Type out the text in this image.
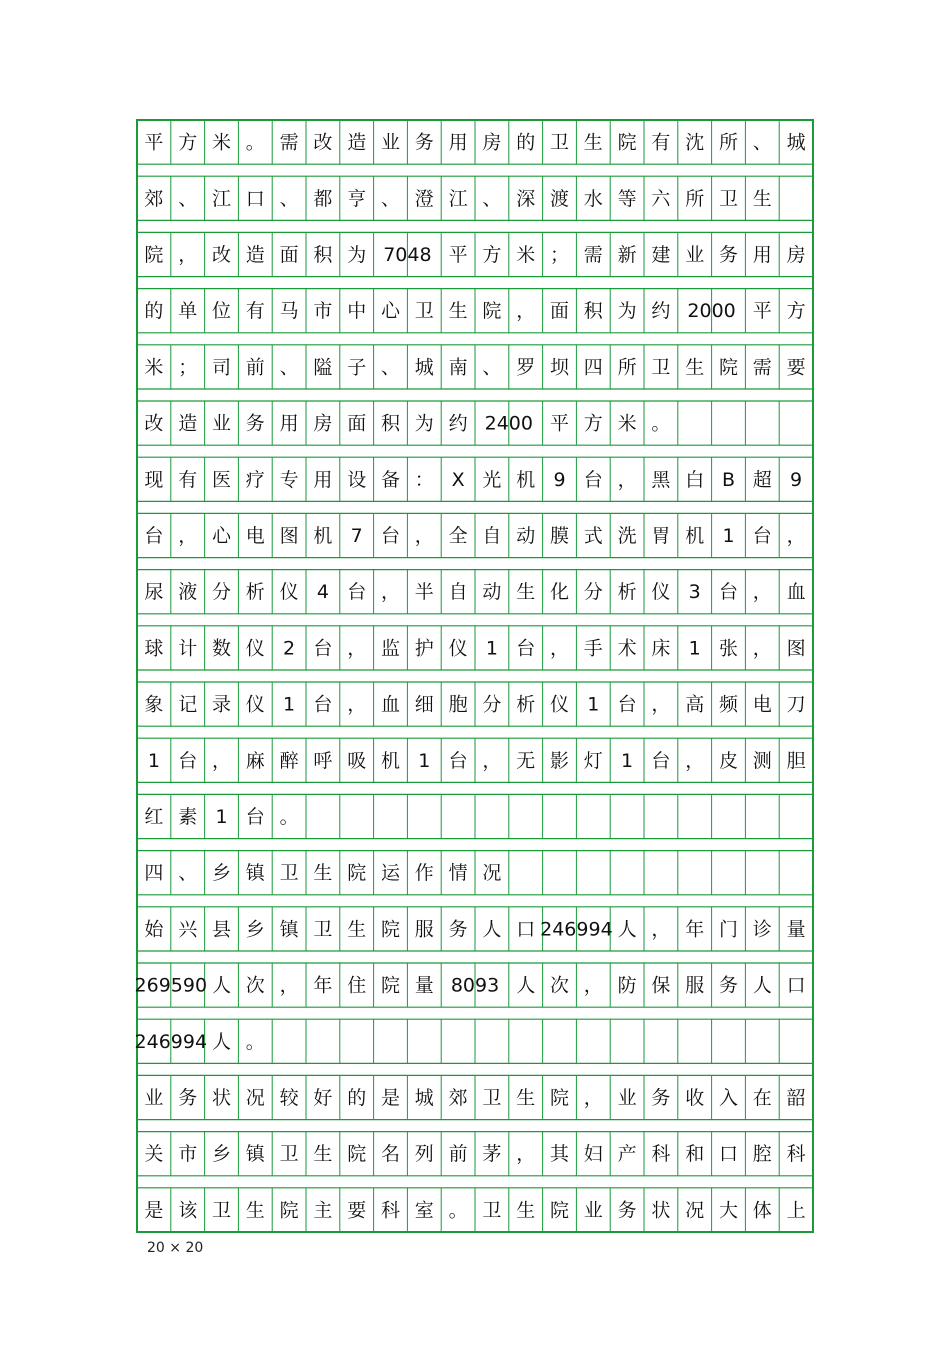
平 方 米 。 需 改 造 业 务 用 房 的 卫 生 院 有 沈 所 、 城
郊 、 江 口 、 都 亨 、 澄 江 、 深 渡 水 等 六 所 卫 生
院 ， 改 造 面 积 为 7048 平 方 米 ； 需 新 建 业 务 用 房
的 单 位 有 马 市 中 心 卫 生 院 ， 面 积 为 约 2000 平 方
米 ； 司 前 、 隘 子 、 城 南 、 罗 坝 四 所 卫 生 院 需 要
改 造 业 务 用 房 面 积 为 约 2400 平 方 米 。
现 有 医 疗 专 用 设 备 ： X 光 机 9 台 ， 黑 白 B 超 9
台 ， 心 电 图 机 7 台 ， 全 自 动 膜 式 洗 胃 机 1 台 ，
尿 液 分 析 仪 4 台 ， 半 自 动 生 化 分 析 仪 3 台 ， 血
球 计 数 仪 2 台 ， 监 护 仪 1 台 ， 手 术 床 1 张 ， 图
象 记 录 仪 1 台 ， 血 细 胞 分 析 仪 1 台 ， 高 频 电 刀
1 台 ， 麻 醉 呼 吸 机 1 台 ， 无 影 灯 1 台 ， 皮 测 胆
红 素 1 台 。
四 、 乡 镇 卫 生 院 运 作 情 况
始 兴 县 乡 镇 卫 生 院 服 务 人 口 246994 人 ， 年 门 诊 量
269590 人 次 ， 年 住 院 量 8093 人 次 ， 防 保 服 务 人 口
246994 人 。
业 务 状 况 较 好 的 是 城 郊 卫 生 院 ， 业 务 收 入 在 韶
关 市 乡 镇 卫 生 院 名 列 前 茅 ， 其 妇 产 科 和 口 腔 科
是 该 卫 生 院 主 要 科 室 。 卫 生 院 业 务 状 况 大 体 上
20 × 20
